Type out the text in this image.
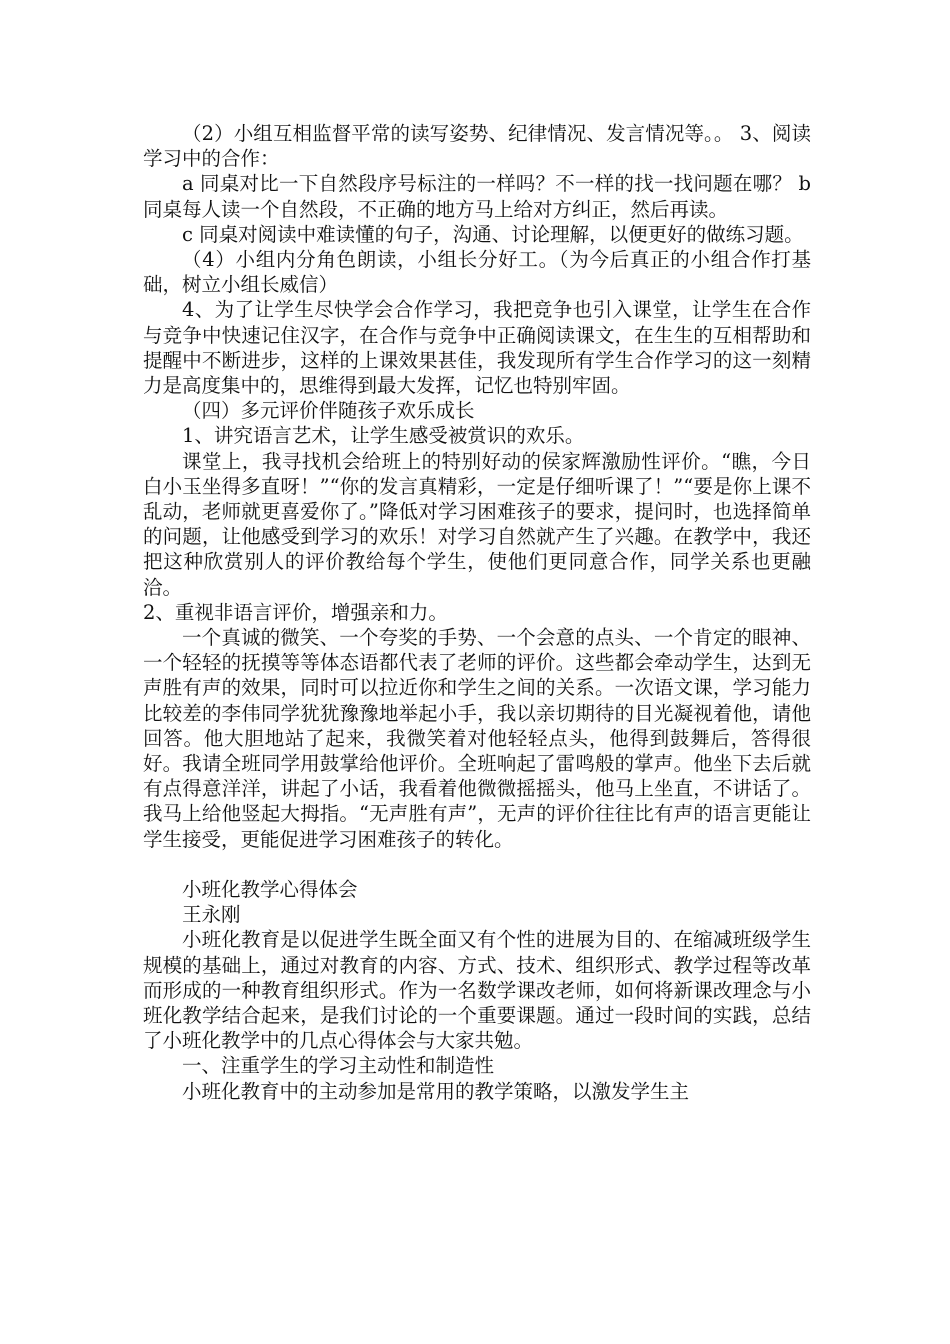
（2）小组互相监督平常的读写姿势、纪律情况、发言情况等。。 3、阅读学习中的合作：

a 同桌对比一下自然段序号标注的一样吗？不一样的找一找问题在哪？ b 同桌每人读一个自然段，不正确的地方马上给对方纠正，然后再读。

c 同桌对阅读中难读懂的句子，沟通、讨论理解，以便更好的做练习题。

（4）小组内分角色朗读，小组长分好工。（为今后真正的小组合作打基础，树立小组长威信）

4、为了让学生尽快学会合作学习，我把竞争也引入课堂，让学生在合作与竞争中快速记住汉字，在合作与竞争中正确阅读课文，在生生的互相帮助和提醒中不断进步，这样的上课效果甚佳，我发现所有学生合作学习的这一刻精力是高度集中的，思维得到最大发挥，记忆也特别牢固。

（四）多元评价伴随孩子欢乐成长

1、讲究语言艺术，让学生感受被赏识的欢乐。

课堂上，我寻找机会给班上的特别好动的侯家辉激励性评价。“瞧，今日白小玉坐得多直呀！”“你的发言真精彩，一定是仔细听课了！”“要是你上课不乱动，老师就更喜爱你了。”降低对学习困难孩子的要求，提问时，也选择简单的问题，让他感受到学习的欢乐！对学习自然就产生了兴趣。在教学中，我还把这种欣赏别人的评价教给每个学生，使他们更同意合作，同学关系也更融洽。

2、重视非语言评价，增强亲和力。

一个真诚的微笑、一个夸奖的手势、一个会意的点头、一个肯定的眼神、一个轻轻的抚摸等等体态语都代表了老师的评价。这些都会牵动学生，达到无声胜有声的效果，同时可以拉近你和学生之间的关系。一次语文课，学习能力比较差的李伟同学犹犹豫豫地举起小手，我以亲切期待的目光凝视着他，请他回答。他大胆地站了起来，我微笑着对他轻轻点头，他得到鼓舞后，答得很好。我请全班同学用鼓掌给他评价。全班响起了雷鸣般的掌声。他坐下去后就有点得意洋洋，讲起了小话，我看着他微微摇摇头，他马上坐直，不讲话了。我马上给他竖起大拇指。“无声胜有声”，无声的评价往往比有声的语言更能让学生接受，更能促进学习困难孩子的转化。

小班化教学心得体会

王永刚

小班化教育是以促进学生既全面又有个性的进展为目的、在缩减班级学生规模的基础上，通过对教育的内容、方式、技术、组织形式、教学过程等改革而形成的一种教育组织形式。作为一名数学课改老师，如何将新课改理念与小班化教学结合起来，是我们讨论的一个重要课题。通过一段时间的实践，总结了小班化教学中的几点心得体会与大家共勉。

一、注重学生的学习主动性和制造性

小班化教育中的主动参加是常用的教学策略，以激发学生主
